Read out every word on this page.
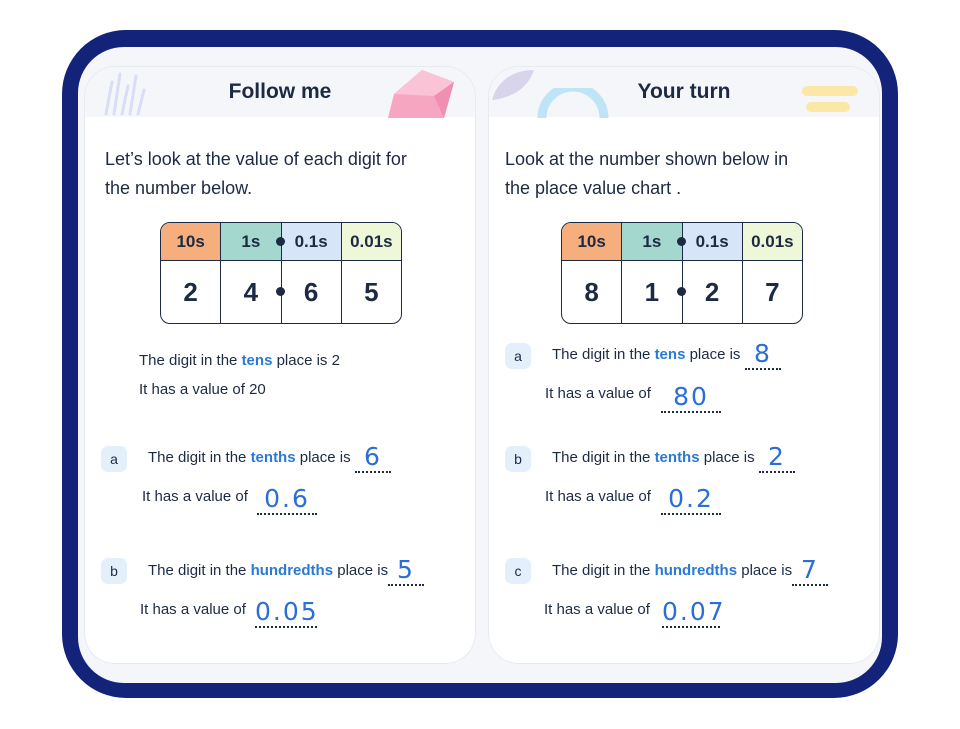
Follow me
Let’s look at the value of each digit for
the number below.
10s	1s	0.1s	0.01s
2	4	6	5
The digit in the tens place is 2
It has a value of 20
a	The digit in the tenths place is 6
It has a value of 0.6
b	The digit in the hundredths place is 5
It has a value of 0.05
Your turn
Look at the number shown below in
the place value chart .
10s	1s	0.1s	0.01s
8	1	2	7
a	The digit in the tens place is 8
It has a value of 80
b	The digit in the tenths place is 2
It has a value of 0.2
c	The digit in the hundredths place is 7
It has a value of 0.07
